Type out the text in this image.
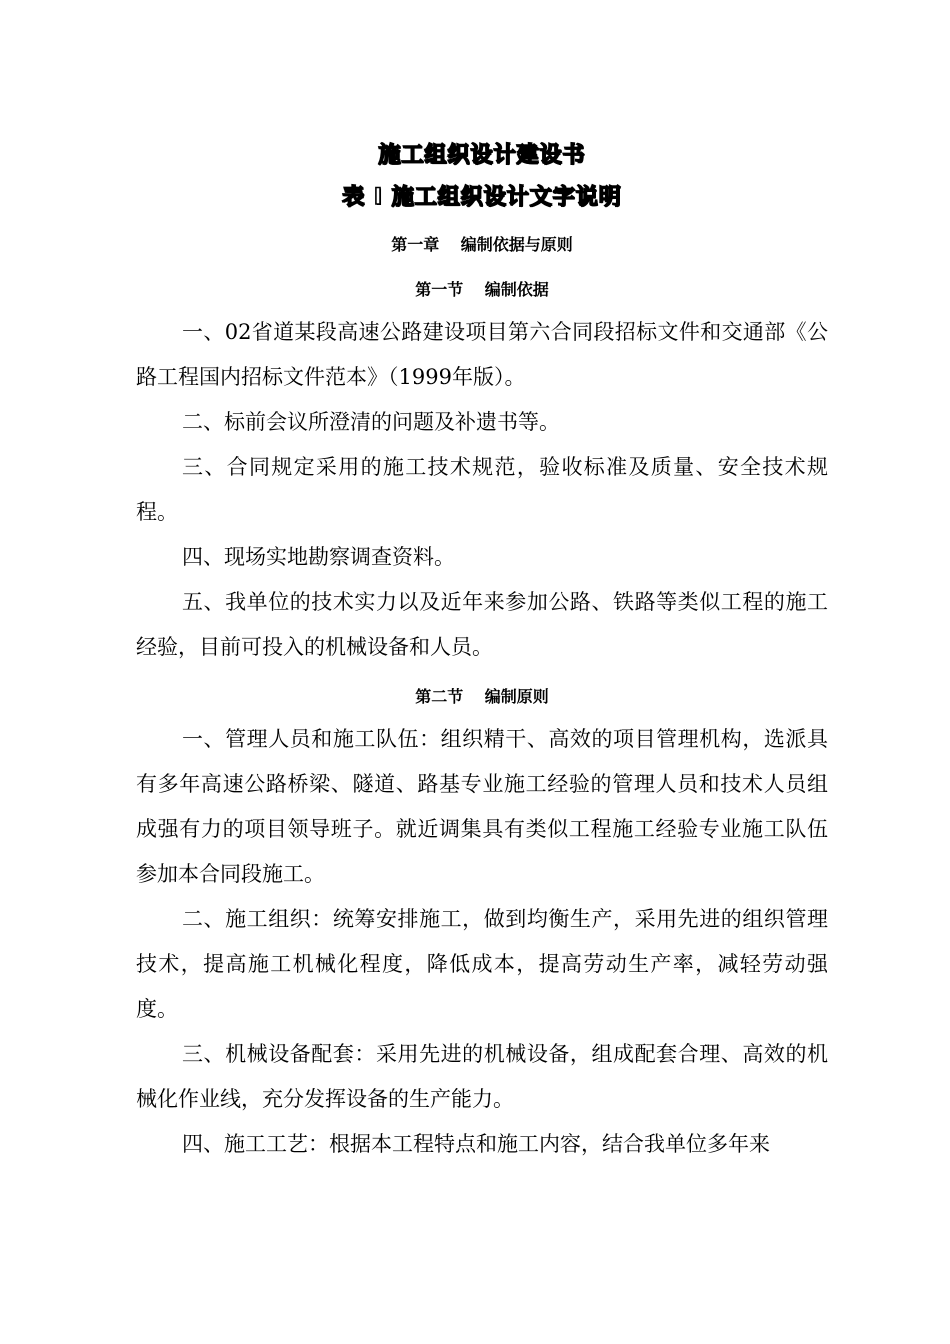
施工组织设计建设书
表 I 施工组织设计文字说明
第一章　 编制依据与原则
第一节　 编制依据

一、02省道某段高速公路建设项目第六合同段招标文件和交通部《公路工程国内招标文件范本》（1999年版）。

二、标前会议所澄清的问题及补遗书等。

三、合同规定采用的施工技术规范，验收标准及质量、安全技术规程。

四、现场实地勘察调查资料。

五、我单位的技术实力以及近年来参加公路、铁路等类似工程的施工经验，目前可投入的机械设备和人员。

第二节　 编制原则

一、管理人员和施工队伍：组织精干、高效的项目管理机构，选派具有多年高速公路桥梁、隧道、路基专业施工经验的管理人员和技术人员组成强有力的项目领导班子。就近调集具有类似工程施工经验专业施工队伍参加本合同段施工。

二、施工组织：统筹安排施工，做到均衡生产，采用先进的组织管理技术，提高施工机械化程度，降低成本，提高劳动生产率，减轻劳动强度。

三、机械设备配套：采用先进的机械设备，组成配套合理、高效的机械化作业线，充分发挥设备的生产能力。

四、施工工艺：根据本工程特点和施工内容，结合我单位多年来
